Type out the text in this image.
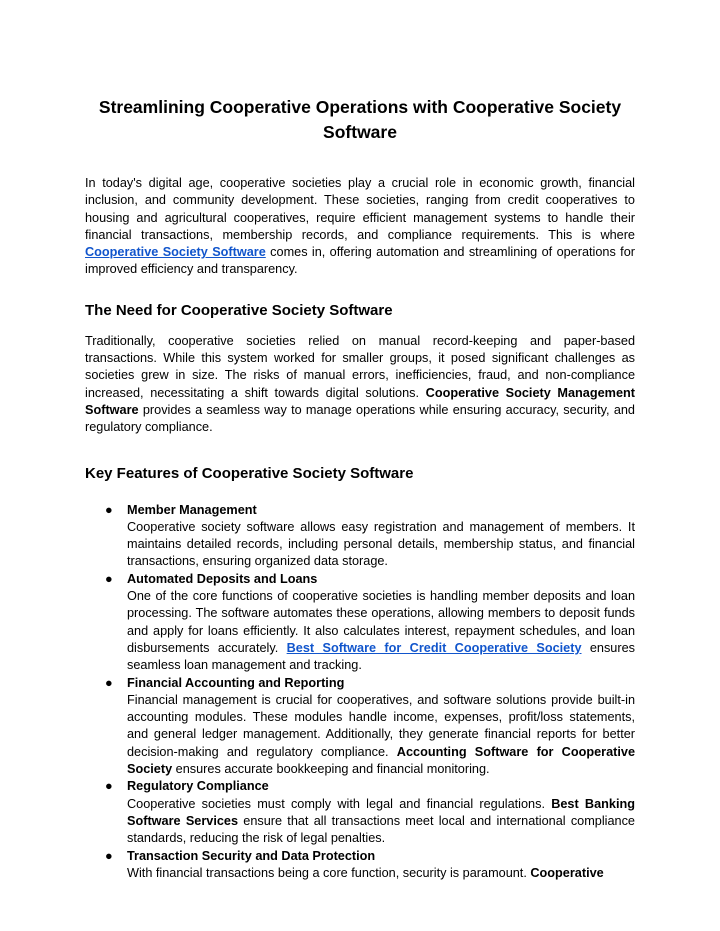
Streamlining Cooperative Operations with Cooperative Society Software

In today's digital age, cooperative societies play a crucial role in economic growth, financial inclusion, and community development. These societies, ranging from credit cooperatives to housing and agricultural cooperatives, require efficient management systems to handle their financial transactions, membership records, and compliance requirements. This is where Cooperative Society Software comes in, offering automation and streamlining of operations for improved efficiency and transparency.

The Need for Cooperative Society Software

Traditionally, cooperative societies relied on manual record-keeping and paper-based transactions. While this system worked for smaller groups, it posed significant challenges as societies grew in size. The risks of manual errors, inefficiencies, fraud, and non-compliance increased, necessitating a shift towards digital solutions. Cooperative Society Management Software provides a seamless way to manage operations while ensuring accuracy, security, and regulatory compliance.

Key Features of Cooperative Society Software
● Member Management
Cooperative society software allows easy registration and management of members. It maintains detailed records, including personal details, membership status, and financial transactions, ensuring organized data storage.
● Automated Deposits and Loans
One of the core functions of cooperative societies is handling member deposits and loan processing. The software automates these operations, allowing members to deposit funds and apply for loans efficiently. It also calculates interest, repayment schedules, and loan disbursements accurately. Best Software for Credit Cooperative Society ensures seamless loan management and tracking.
● Financial Accounting and Reporting
Financial management is crucial for cooperatives, and software solutions provide built-in accounting modules. These modules handle income, expenses, profit/loss statements, and general ledger management. Additionally, they generate financial reports for better decision-making and regulatory compliance. Accounting Software for Cooperative Society ensures accurate bookkeeping and financial monitoring.
● Regulatory Compliance
Cooperative societies must comply with legal and financial regulations. Best Banking Software Services ensure that all transactions meet local and international compliance standards, reducing the risk of legal penalties.
● Transaction Security and Data Protection
With financial transactions being a core function, security is paramount. Cooperative
